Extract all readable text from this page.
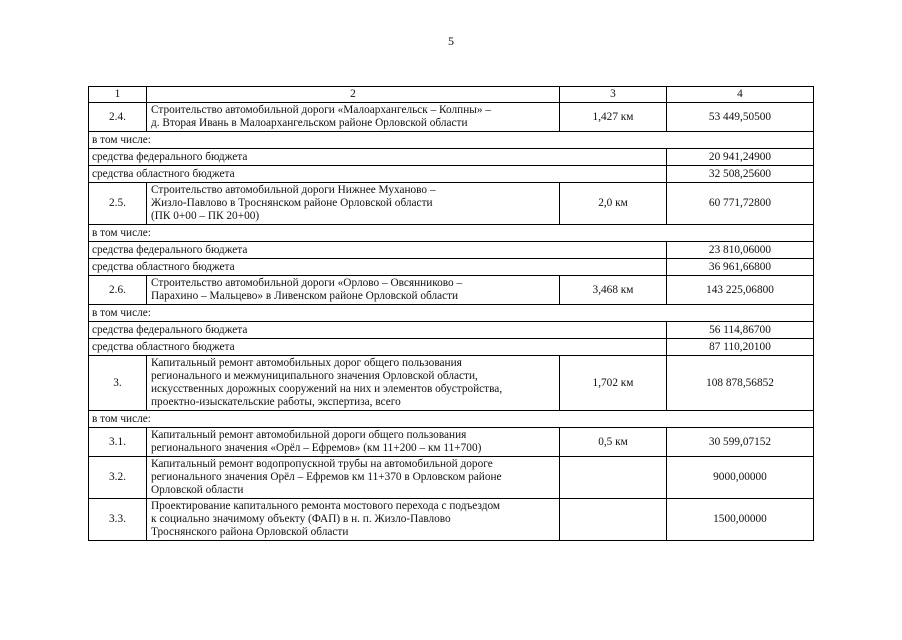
5
1	2	3	4
2.4.	Строительство автомобильной дороги «Малоархангельск – Колпны» –
д. Вторая Ивань в Малоархангельском районе Орловской области	1,427 км	53 449,50500
в том числе:			
средства федерального бюджета			20 941,24900
средства областного бюджета			32 508,25600
2.5.	Строительство автомобильной дороги Нижнее Муханово –
Жизло-Павлово в Троснянском районе Орловской области
(ПК 0+00 – ПК 20+00)	2,0 км	60 771,72800
в том числе:			
средства федерального бюджета			23 810,06000
средства областного бюджета			36 961,66800
2.6.	Строительство автомобильной дороги «Орлово – Овсянниково –
Парахино – Мальцево» в Ливенском районе Орловской области	3,468 км	143 225,06800
в том числе:			
средства федерального бюджета			56 114,86700
средства областного бюджета			87 110,20100
3.	Капитальный ремонт автомобильных дорог общего пользования
регионального и межмуниципального значения Орловской области,
искусственных дорожных сооружений на них и элементов обустройства,
проектно-изыскательские работы, экспертиза, всего	1,702 км	108 878,56852
в том числе:			
3.1.	Капитальный ремонт автомобильной дороги общего пользования
регионального значения «Орёл – Ефремов» (км 11+200 – км 11+700)	0,5 км	30 599,07152
3.2.	Капитальный ремонт водопропускной трубы на автомобильной дороге
регионального значения Орёл – Ефремов км 11+370 в Орловском районе
Орловской области		9000,00000
3.3.	Проектирование капитального ремонта мостового перехода с подъездом
к социально значимому объекту (ФАП) в н. п. Жизло-Павлово
Троснянского района Орловской области		1500,00000
